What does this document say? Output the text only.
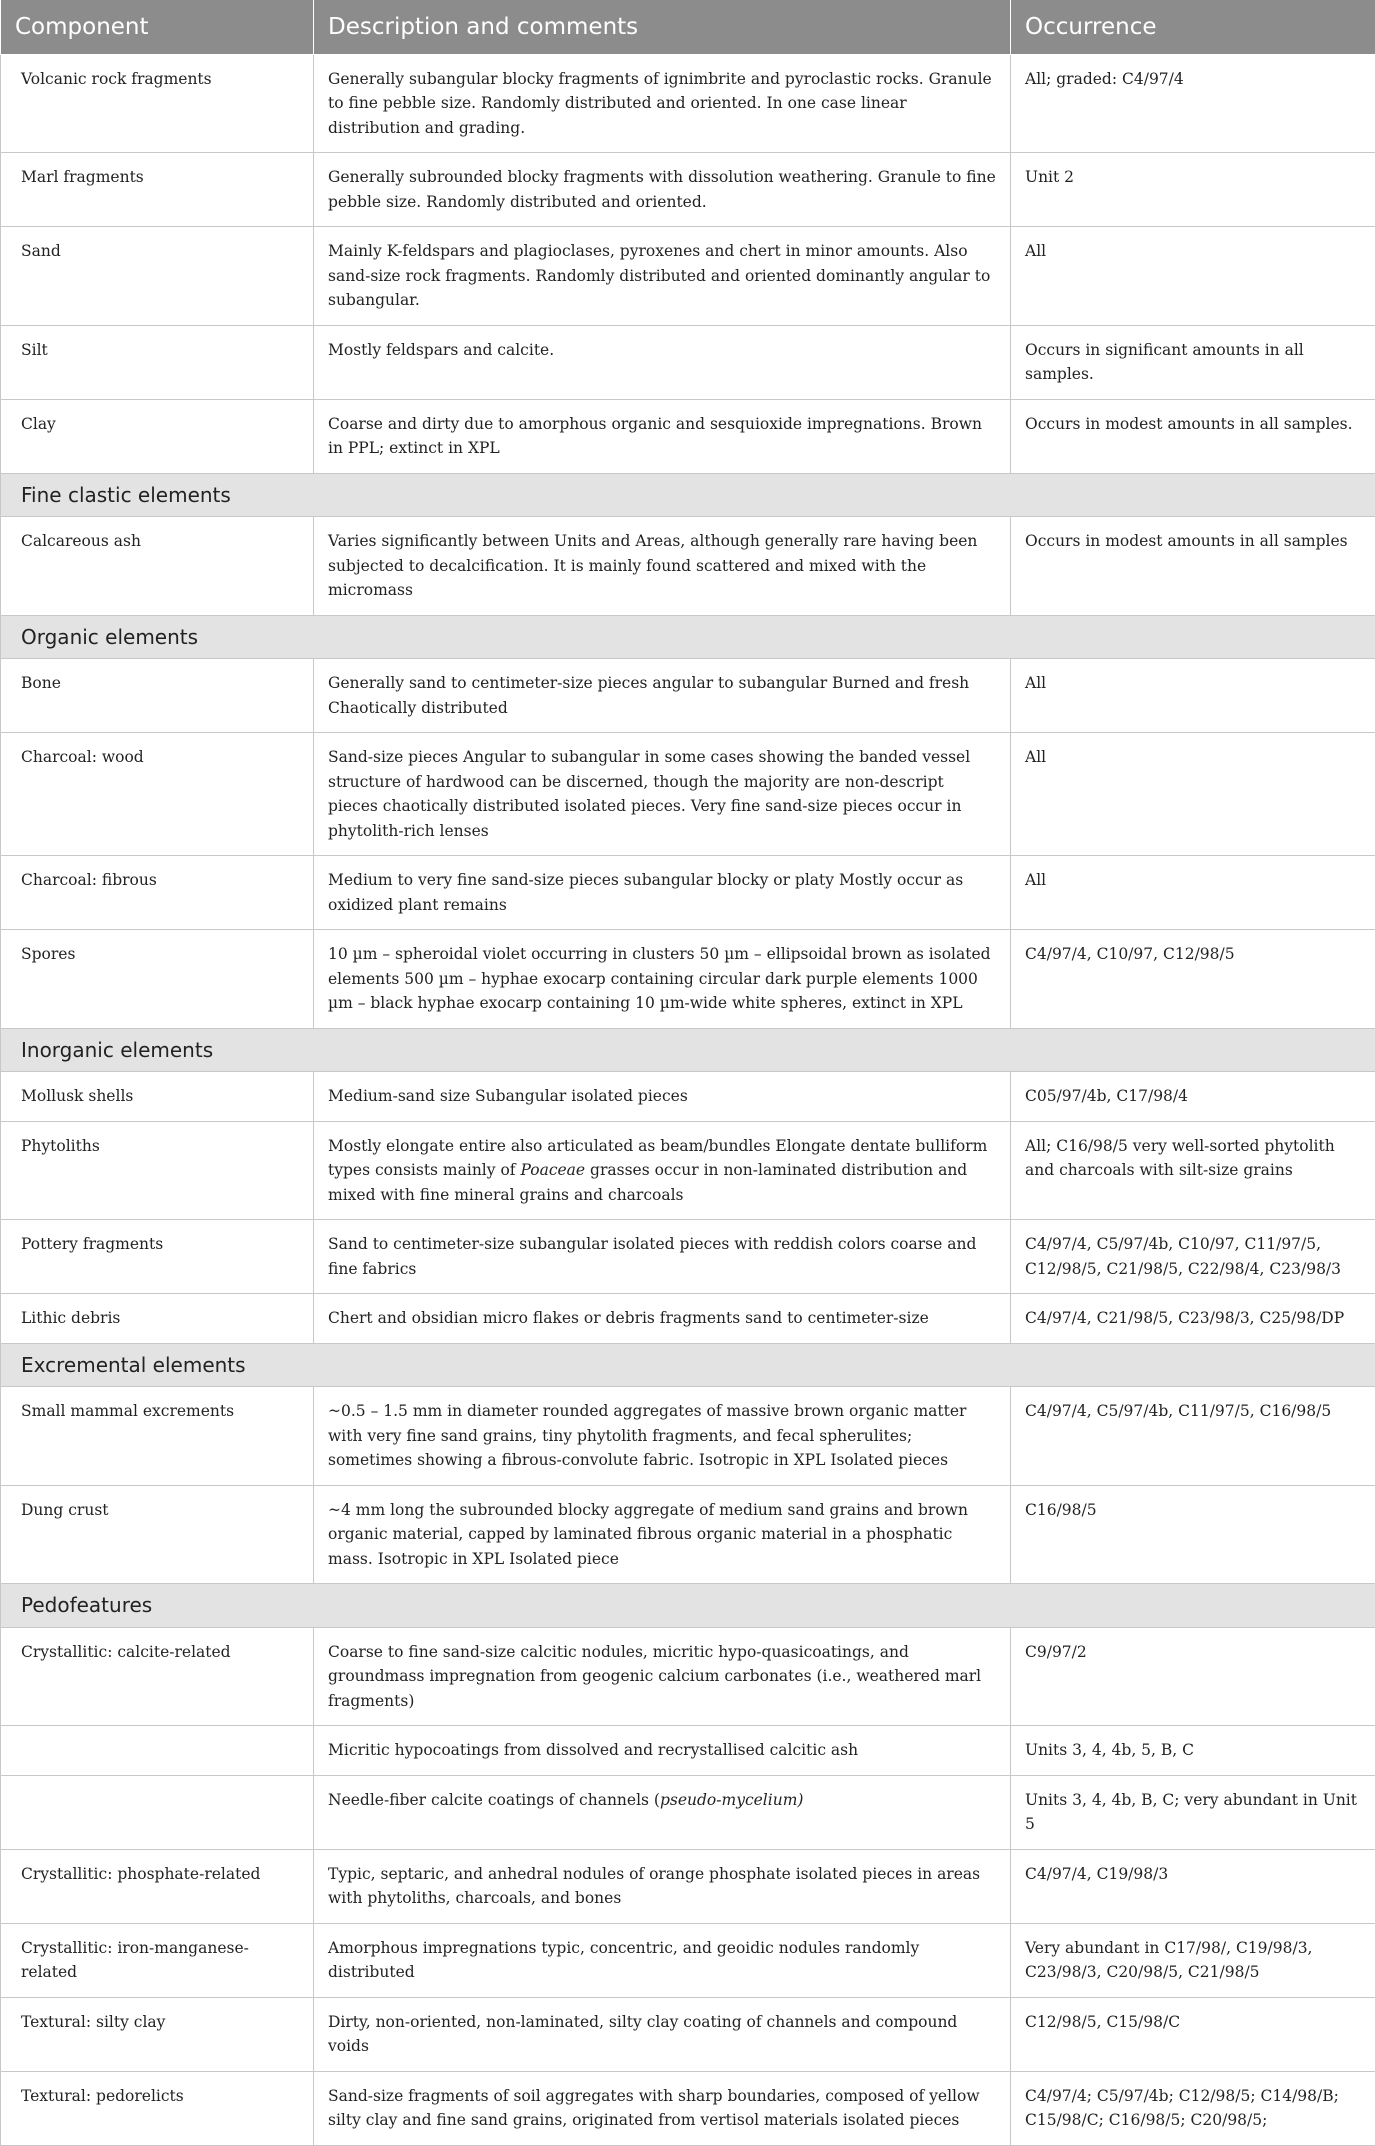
Component	Description and comments	Occurrence
Volcanic rock fragments	Generally subangular blocky fragments of ignimbrite and pyroclastic rocks. Granule to fine pebble size. Randomly distributed and oriented. In one case linear distribution and grading.	All; graded: C4/97/4
Marl fragments	Generally subrounded blocky fragments with dissolution weathering. Granule to fine pebble size. Randomly distributed and oriented.	Unit 2
Sand	Mainly K-feldspars and plagioclases, pyroxenes and chert in minor amounts. Also sand-size rock fragments. Randomly distributed and oriented dominantly angular to subangular.	All
Silt	Mostly feldspars and calcite.	Occurs in significant amounts in all samples.
Clay	Coarse and dirty due to amorphous organic and sesquioxide impregnations. Brown in PPL; extinct in XPL	Occurs in modest amounts in all samples.
Fine clastic elements		
Calcareous ash	Varies significantly between Units and Areas, although generally rare having been subjected to decalcification. It is mainly found scattered and mixed with the micromass	Occurs in modest amounts in all samples
Organic elements		
Bone	Generally sand to centimeter-size pieces angular to subangular Burned and fresh Chaotically distributed	All
Charcoal: wood	Sand-size pieces Angular to subangular in some cases showing the banded vessel structure of hardwood can be discerned, though the majority are non-descript pieces chaotically distributed isolated pieces. Very fine sand-size pieces occur in phytolith-rich lenses	All
Charcoal: fibrous	Medium to very fine sand-size pieces subangular blocky or platy Mostly occur as oxidized plant remains	All
Spores	10 µm – spheroidal violet occurring in clusters 50 µm – ellipsoidal brown as isolated elements 500 µm – hyphae exocarp containing circular dark purple elements 1000 µm – black hyphae exocarp containing 10 µm-wide white spheres, extinct in XPL	C4/97/4, C10/97, C12/98/5
Inorganic elements		
Mollusk shells	Medium-sand size Subangular isolated pieces	C05/97/4b, C17/98/4
Phytoliths	Mostly elongate entire also articulated as beam/bundles Elongate dentate bulliform types consists mainly of Poaceae grasses occur in non-laminated distribution and mixed with fine mineral grains and charcoals	All; C16/98/5 very well-sorted phytolith and charcoals with silt-size grains
Pottery fragments	Sand to centimeter-size subangular isolated pieces with reddish colors coarse and fine fabrics	C4/97/4, C5/97/4b, C10/97, C11/97/5, C12/98/5, C21/98/5, C22/98/4, C23/98/3
Lithic debris	Chert and obsidian micro flakes or debris fragments sand to centimeter-size	C4/97/4, C21/98/5, C23/98/3, C25/98/DP
Excremental elements		
Small mammal excrements	~0.5 – 1.5 mm in diameter rounded aggregates of massive brown organic matter with very fine sand grains, tiny phytolith fragments, and fecal spherulites; sometimes showing a fibrous-convolute fabric. Isotropic in XPL Isolated pieces	C4/97/4, C5/97/4b, C11/97/5, C16/98/5
Dung crust	~4 mm long the subrounded blocky aggregate of medium sand grains and brown organic material, capped by laminated fibrous organic material in a phosphatic mass. Isotropic in XPL Isolated piece	C16/98/5
Pedofeatures		
Crystallitic: calcite-related	Coarse to fine sand-size calcitic nodules, micritic hypo-quasicoatings, and groundmass impregnation from geogenic calcium carbonates (i.e., weathered marl fragments)	C9/97/2
	Micritic hypocoatings from dissolved and recrystallised calcitic ash	Units 3, 4, 4b, 5, B, C
	Needle-fiber calcite coatings of channels (pseudo-mycelium)	Units 3, 4, 4b, B, C; very abundant in Unit 5
Crystallitic: phosphate-related	Typic, septaric, and anhedral nodules of orange phosphate isolated pieces in areas with phytoliths, charcoals, and bones	C4/97/4, C19/98/3
Crystallitic: iron-manganese-related	Amorphous impregnations typic, concentric, and geoidic nodules randomly distributed	Very abundant in C17/98/, C19/98/3, C23/98/3, C20/98/5, C21/98/5
Textural: silty clay	Dirty, non-oriented, non-laminated, silty clay coating of channels and compound voids	C12/98/5, C15/98/C
Textural: pedorelicts	Sand-size fragments of soil aggregates with sharp boundaries, composed of yellow silty clay and fine sand grains, originated from vertisol materials isolated pieces	C4/97/4; C5/97/4b; C12/98/5; C14/98/B; C15/98/C; C16/98/5; C20/98/5;
